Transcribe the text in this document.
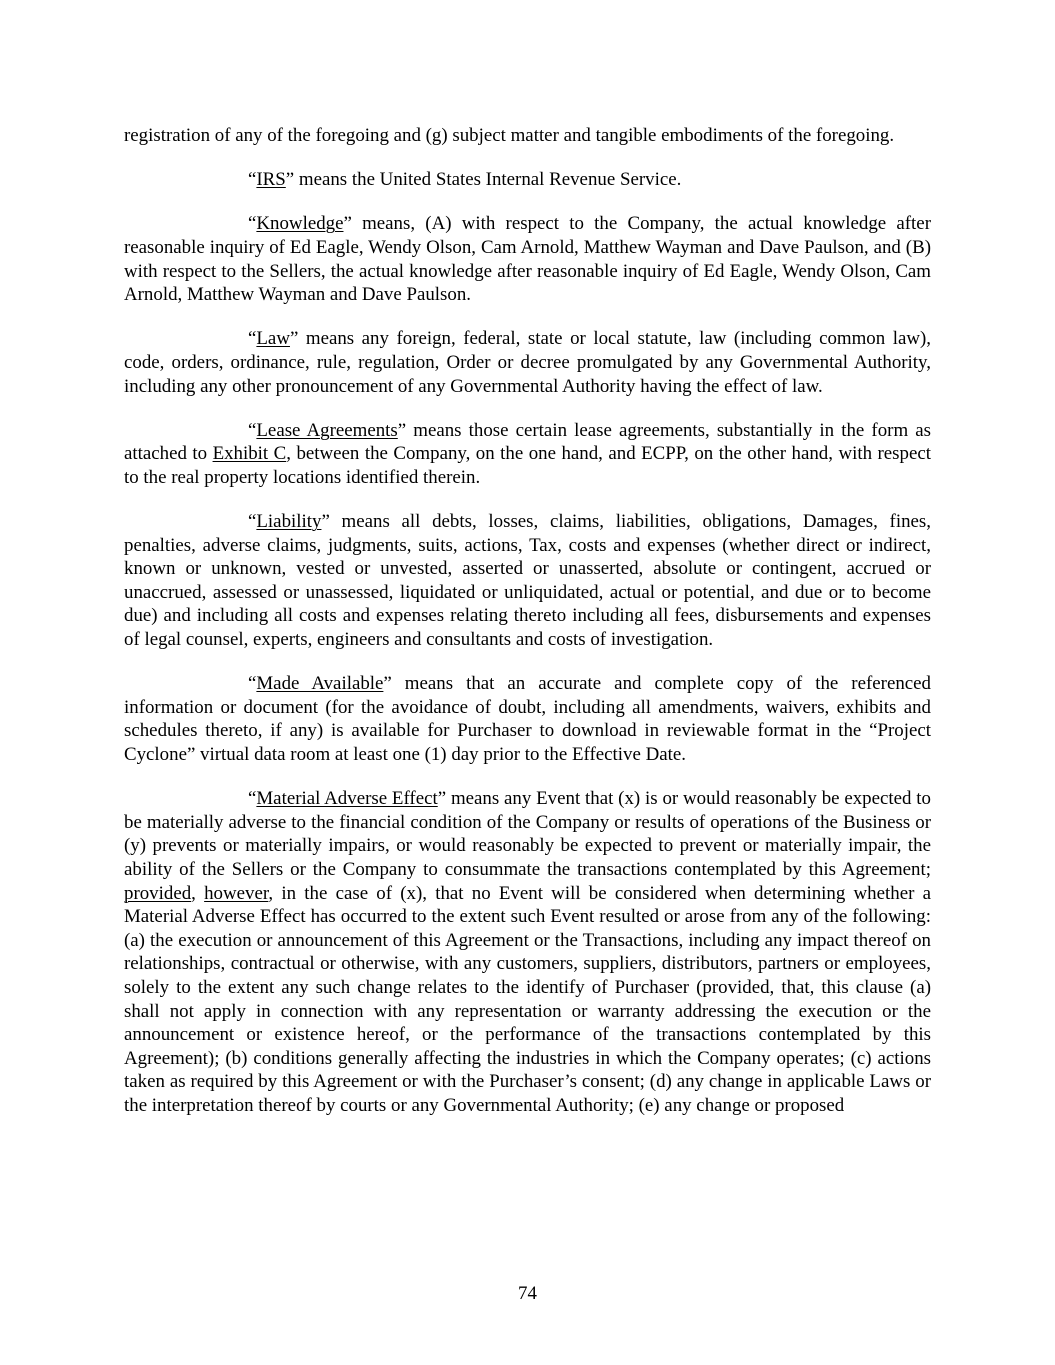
registration of any of the foregoing and (g) subject matter and tangible embodiments of the foregoing.

“IRS” means the United States Internal Revenue Service.

“Knowledge” means, (A) with respect to the Company, the actual knowledge after reasonable inquiry of Ed Eagle, Wendy Olson, Cam Arnold, Matthew Wayman and Dave Paulson, and (B) with respect to the Sellers, the actual knowledge after reasonable inquiry of Ed Eagle, Wendy Olson, Cam Arnold, Matthew Wayman and Dave Paulson.

“Law” means any foreign, federal, state or local statute, law (including common law), code, orders, ordinance, rule, regulation, Order or decree promulgated by any Governmental Authority, including any other pronouncement of any Governmental Authority having the effect of law.

“Lease Agreements” means those certain lease agreements, substantially in the form as attached to Exhibit C, between the Company, on the one hand, and ECPP, on the other hand, with respect to the real property locations identified therein.

“Liability” means all debts, losses, claims, liabilities, obligations, Damages, fines, penalties, adverse claims, judgments, suits, actions, Tax, costs and expenses (whether direct or indirect, known or unknown, vested or unvested, asserted or unasserted, absolute or contingent, accrued or unaccrued, assessed or unassessed, liquidated or unliquidated, actual or potential, and due or to become due) and including all costs and expenses relating thereto including all fees, disbursements and expenses of legal counsel, experts, engineers and consultants and costs of investigation.

“Made Available” means that an accurate and complete copy of the referenced information or document (for the avoidance of doubt, including all amendments, waivers, exhibits and schedules thereto, if any) is available for Purchaser to download in reviewable format in the “Project Cyclone” virtual data room at least one (1) day prior to the Effective Date.

“Material Adverse Effect” means any Event that (x) is or would reasonably be expected to be materially adverse to the financial condition of the Company or results of operations of the Business or (y) prevents or materially impairs, or would reasonably be expected to prevent or materially impair, the ability of the Sellers or the Company to consummate the transactions contemplated by this Agreement; provided, however, in the case of (x), that no Event will be considered when determining whether a Material Adverse Effect has occurred to the extent such Event resulted or arose from any of the following: (a) the execution or announcement of this Agreement or the Transactions, including any impact thereof on relationships, contractual or otherwise, with any customers, suppliers, distributors, partners or employees, solely to the extent any such change relates to the identify of Purchaser (provided, that, this clause (a) shall not apply in connection with any representation or warranty addressing the execution or the announcement or existence hereof, or the performance of the transactions contemplated by this Agreement); (b) conditions generally affecting the industries in which the Company operates; (c) actions taken as required by this Agreement or with the Purchaser’s consent; (d) any change in applicable Laws or the interpretation thereof by courts or any Governmental Authority; (e) any change or proposed

74
